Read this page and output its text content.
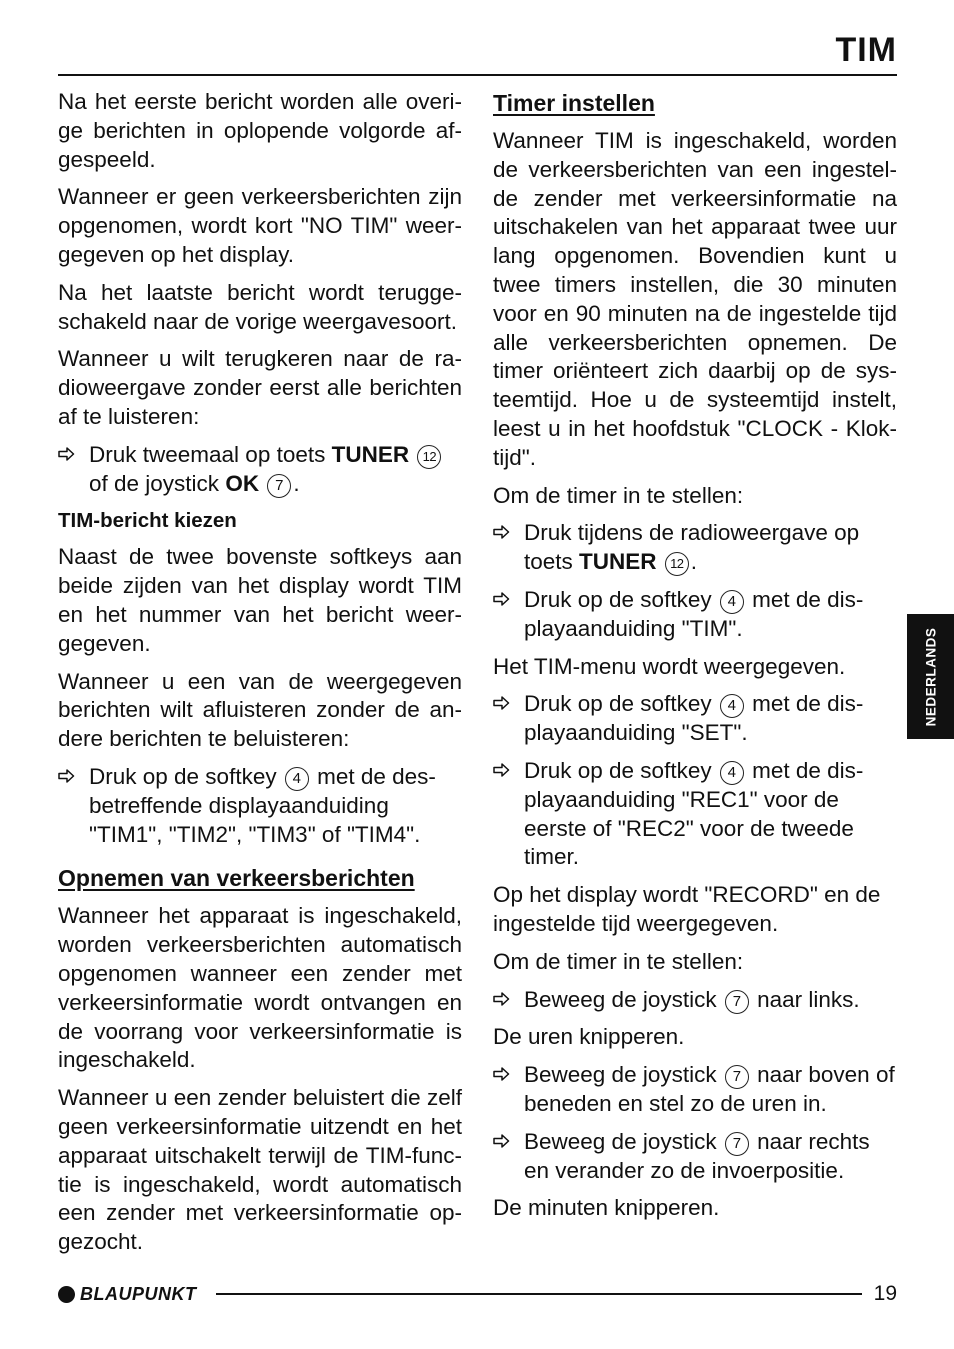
TIM

Na het eerste bericht worden alle overige berichten in oplopende volgorde afgespeeld.

Wanneer er geen verkeersberichten zijn opgenomen, wordt kort "NO TIM" weergegeven op het display.

Na het laatste bericht wordt teruggeschakeld naar de vorige weergavesoort.

Wanneer u wilt terugkeren naar de radioweergave zonder eerst alle berichten af te luisteren:

Druk tweemaal op toets TUNER 12 of de joystick OK 7 .
TIM-bericht kiezen

Naast de twee bovenste softkeys aan beide zijden van het display wordt TIM en het nummer van het bericht weergegeven.

Wanneer u een van de weergegeven berichten wilt afluisteren zonder de andere berichten te beluisteren:

Druk op de softkey 4 met de desbetreffende displayaanduiding "TIM1", "TIM2", "TIM3" of "TIM4".
Opnemen van verkeersberichten

Wanneer het apparaat is ingeschakeld, worden verkeersberichten automatisch opgenomen wanneer een zender met verkeersinformatie wordt ontvangen en de voorrang voor verkeersinformatie is ingeschakeld.

Wanneer u een zender beluistert die zelf geen verkeersinformatie uitzendt en het apparaat uitschakelt terwijl de TIM-functie is ingeschakeld, wordt automatisch een zender met verkeersinformatie opgezocht.

Timer instellen

Wanneer TIM is ingeschakeld, worden de verkeersberichten van een ingestelde zender met verkeersinformatie na uitschakelen van het apparaat twee uur lang opgenomen. Bovendien kunt u twee timers instellen, die 30 minuten voor en 90 minuten na de ingestelde tijd alle verkeersberichten opnemen. De timer oriënteert zich daarbij op de systeemtijd. Hoe u de systeemtijd instelt, leest u in het hoofdstuk "CLOCK - Kloktijd".

Om de timer in te stellen:

Druk tijdens de radioweergave op toets TUNER 12 .
Druk op de softkey 4 met de displayaanduiding "TIM".

Het TIM-menu wordt weergegeven.

Druk op de softkey 4 met de displayaanduiding "SET".
Druk op de softkey 4 met de displayaanduiding "REC1" voor de eerste of "REC2" voor de tweede timer.

Op het display wordt "RECORD" en de ingestelde tijd weergegeven.

Om de timer in te stellen:

Beweeg de joystick 7 naar links.

De uren knipperen.

Beweeg de joystick 7 naar boven of beneden en stel zo de uren in.
Beweeg de joystick 7 naar rechts en verander zo de invoerpositie.

De minuten knipperen.

NEDERLANDS
BLAUPUNKT	19
